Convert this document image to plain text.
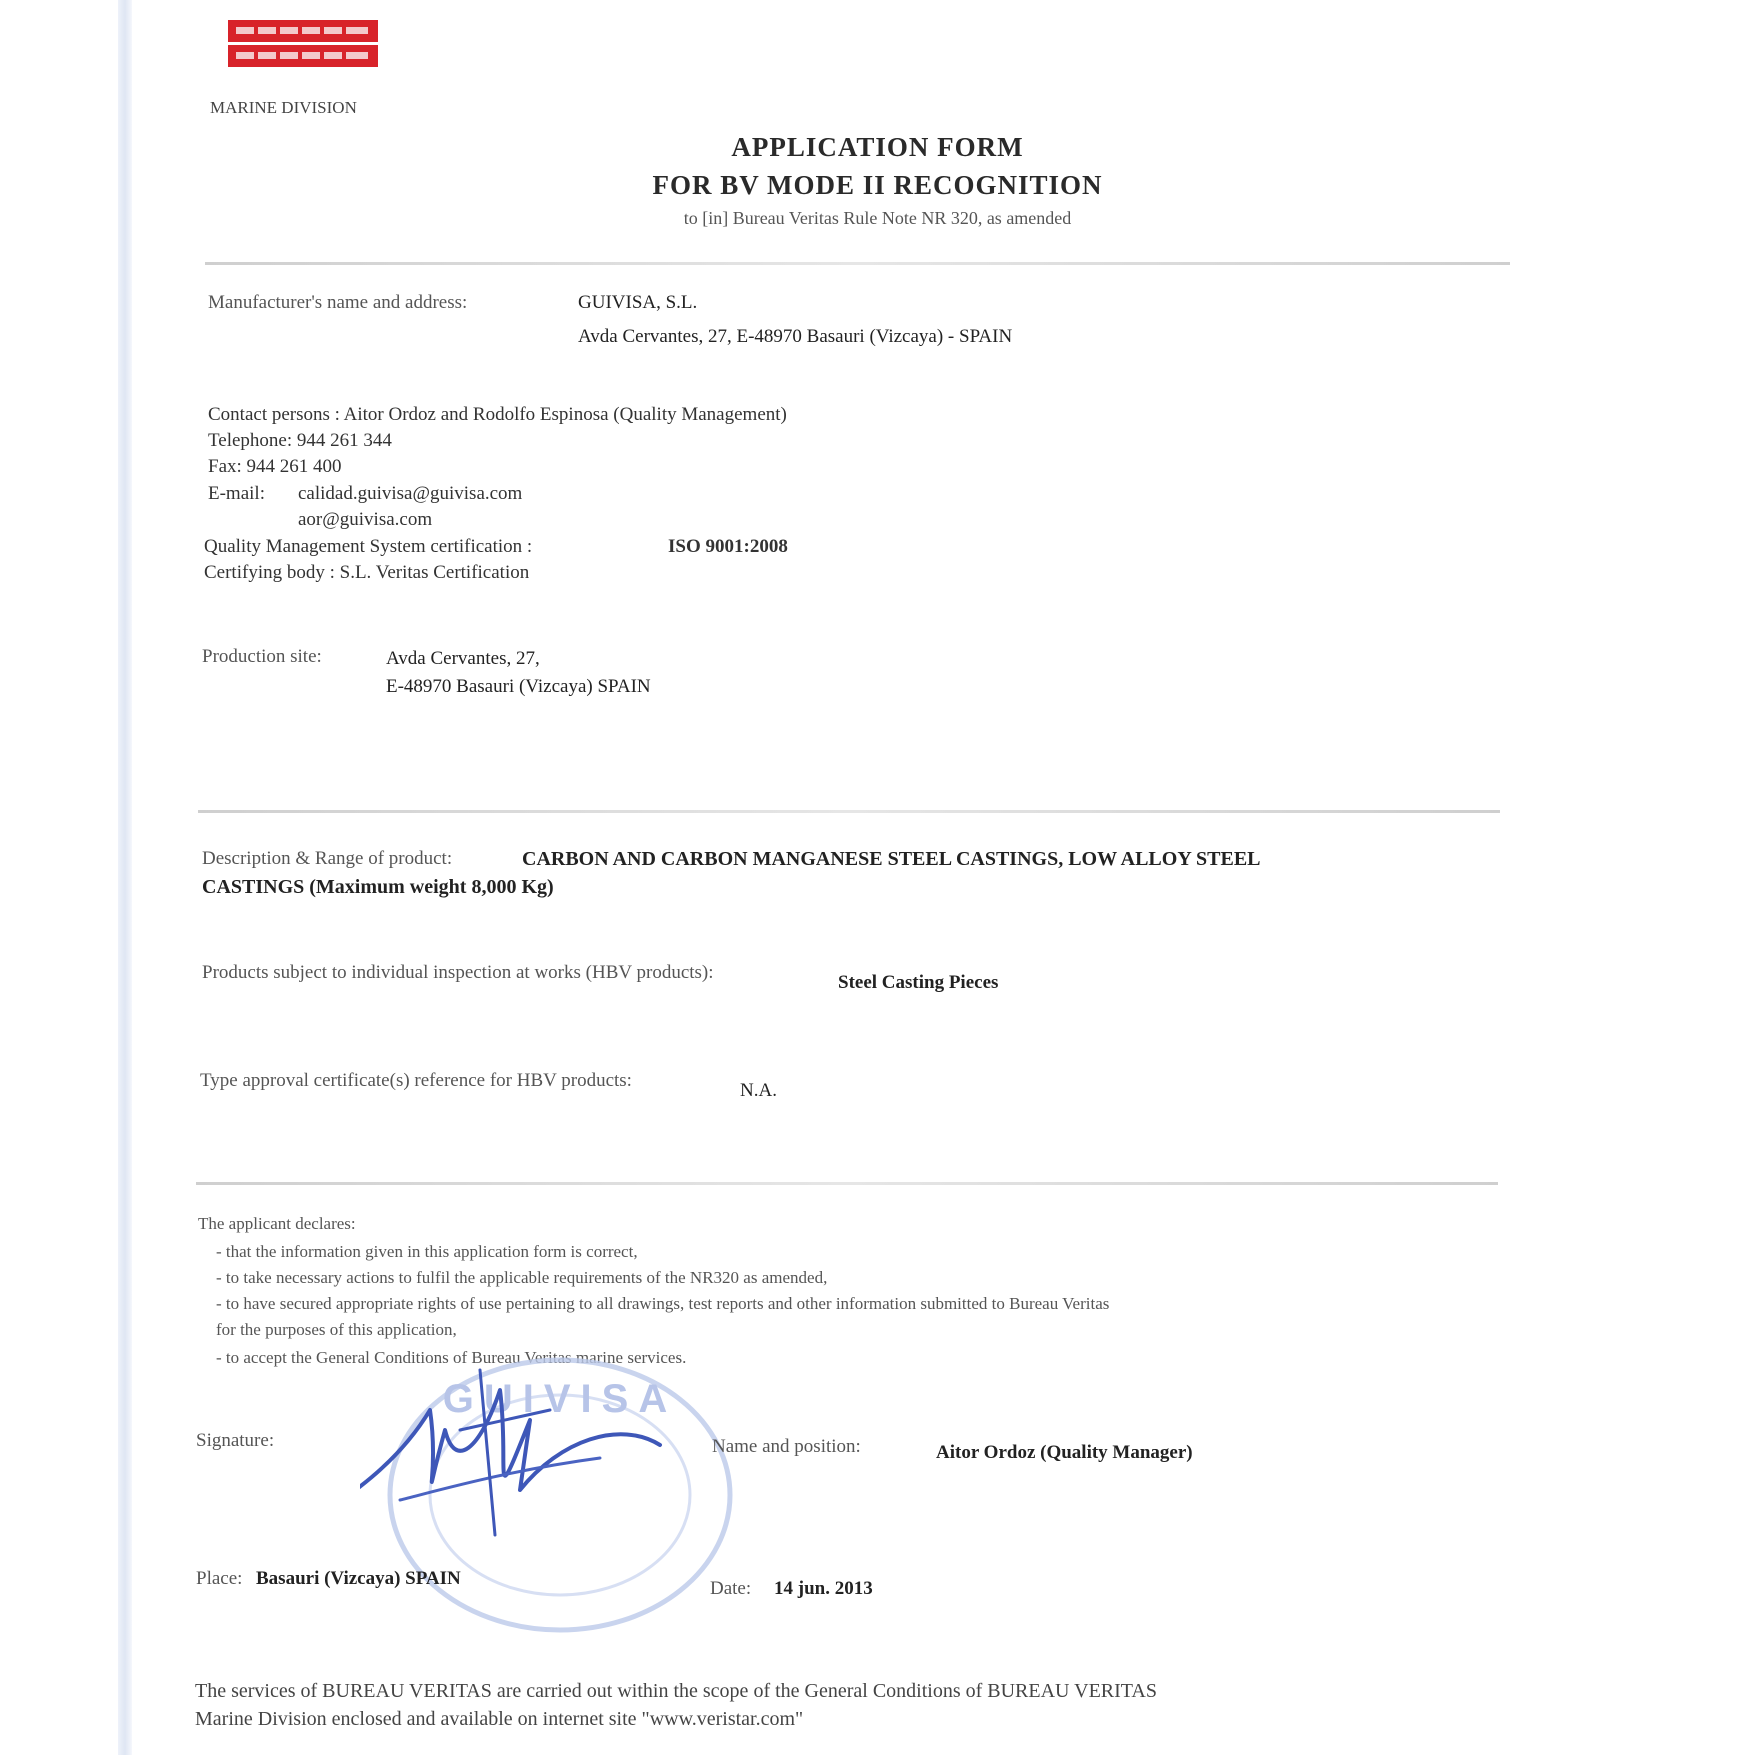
MARINE DIVISION
APPLICATION FORM
FOR BV MODE II RECOGNITION
to [in] Bureau Veritas Rule Note NR 320, as amended
Manufacturer's name and address:	GUIVISA, S.L.
Avda Cervantes, 27, E-48970 Basauri (Vizcaya) - SPAIN
Contact persons : Aitor Ordoz and Rodolfo Espinosa (Quality Management)
Telephone: 944 261 344
Fax: 944 261 400
E-mail: calidad.guivisa@guivisa.com
aor@guivisa.com
Quality Management System certification :	ISO 9001:2008
Certifying body : S.L. Veritas Certification
Production site:	Avda Cervantes, 27,
E-48970 Basauri (Vizcaya) SPAIN
Description & Range of product:	CARBON AND CARBON MANGANESE STEEL CASTINGS, LOW ALLOY STEEL
CASTINGS (Maximum weight 8,000 Kg)
Products subject to individual inspection at works (HBV products):	Steel Casting Pieces
Type approval certificate(s) reference for HBV products:	N.A.
The applicant declares:
- that the information given in this application form is correct,
- to take necessary actions to fulfil the applicable requirements of the NR320 as amended,
- to have secured appropriate rights of use pertaining to all drawings, test reports and other information submitted to Bureau Veritas
for the purposes of this application,
- to accept the General Conditions of Bureau Veritas marine services.
GUIVISA
Signature:	Name and position:	Aitor Ordoz (Quality Manager)
Place: Basauri (Vizcaya) SPAIN	Date: 14 jun. 2013
The services of BUREAU VERITAS are carried out within the scope of the General Conditions of BUREAU VERITAS
Marine Division enclosed and available on internet site "www.veristar.com"
